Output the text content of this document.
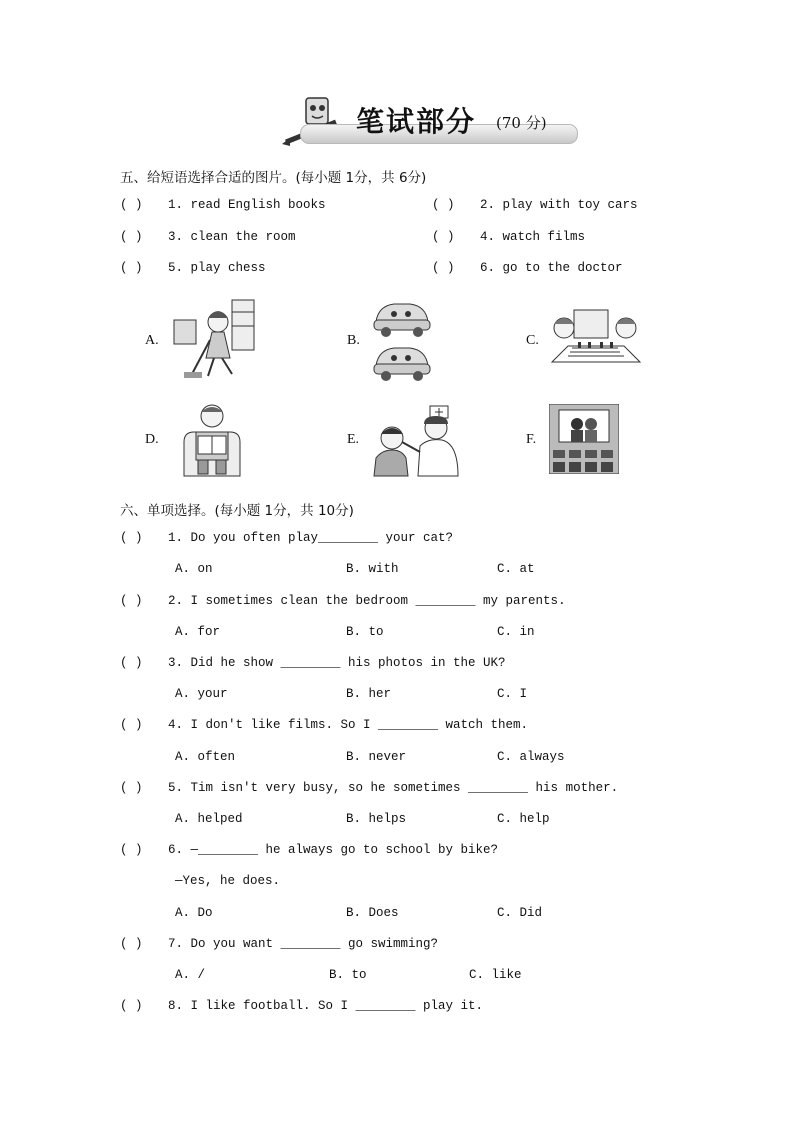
笔试部分 (70 分)
五、给短语选择合适的图片。(每小题 1分，共 6分)
( ) 1. read English books	( ) 2. play with toy cars
( ) 3. clean the room	( ) 4. watch films
( ) 5. play chess	( ) 6. go to the doctor
A.	B.	C.
D.	E.	F.
六、单项选择。(每小题 1分，共 10分)
( ) 1. Do you often play________ your cat?
A. on	B. with	C. at
( ) 2. I sometimes clean the bedroom ________ my parents.
A. for	B. to	C. in
( ) 3. Did he show ________ his photos in the UK?
A. your	B. her	C. I
( ) 4. I don't like films. So I ________ watch them.
A. often	B. never	C. always
( ) 5. Tim isn't very busy, so he sometimes ________ his mother.
A. helped	B. helps	C. help
( ) 6. —________ he always go to school by bike?
—Yes, he does.
A. Do	B. Does	C. Did
( ) 7. Do you want ________ go swimming?
A. /	B. to	C. like
( ) 8. I like football. So I ________ play it.
